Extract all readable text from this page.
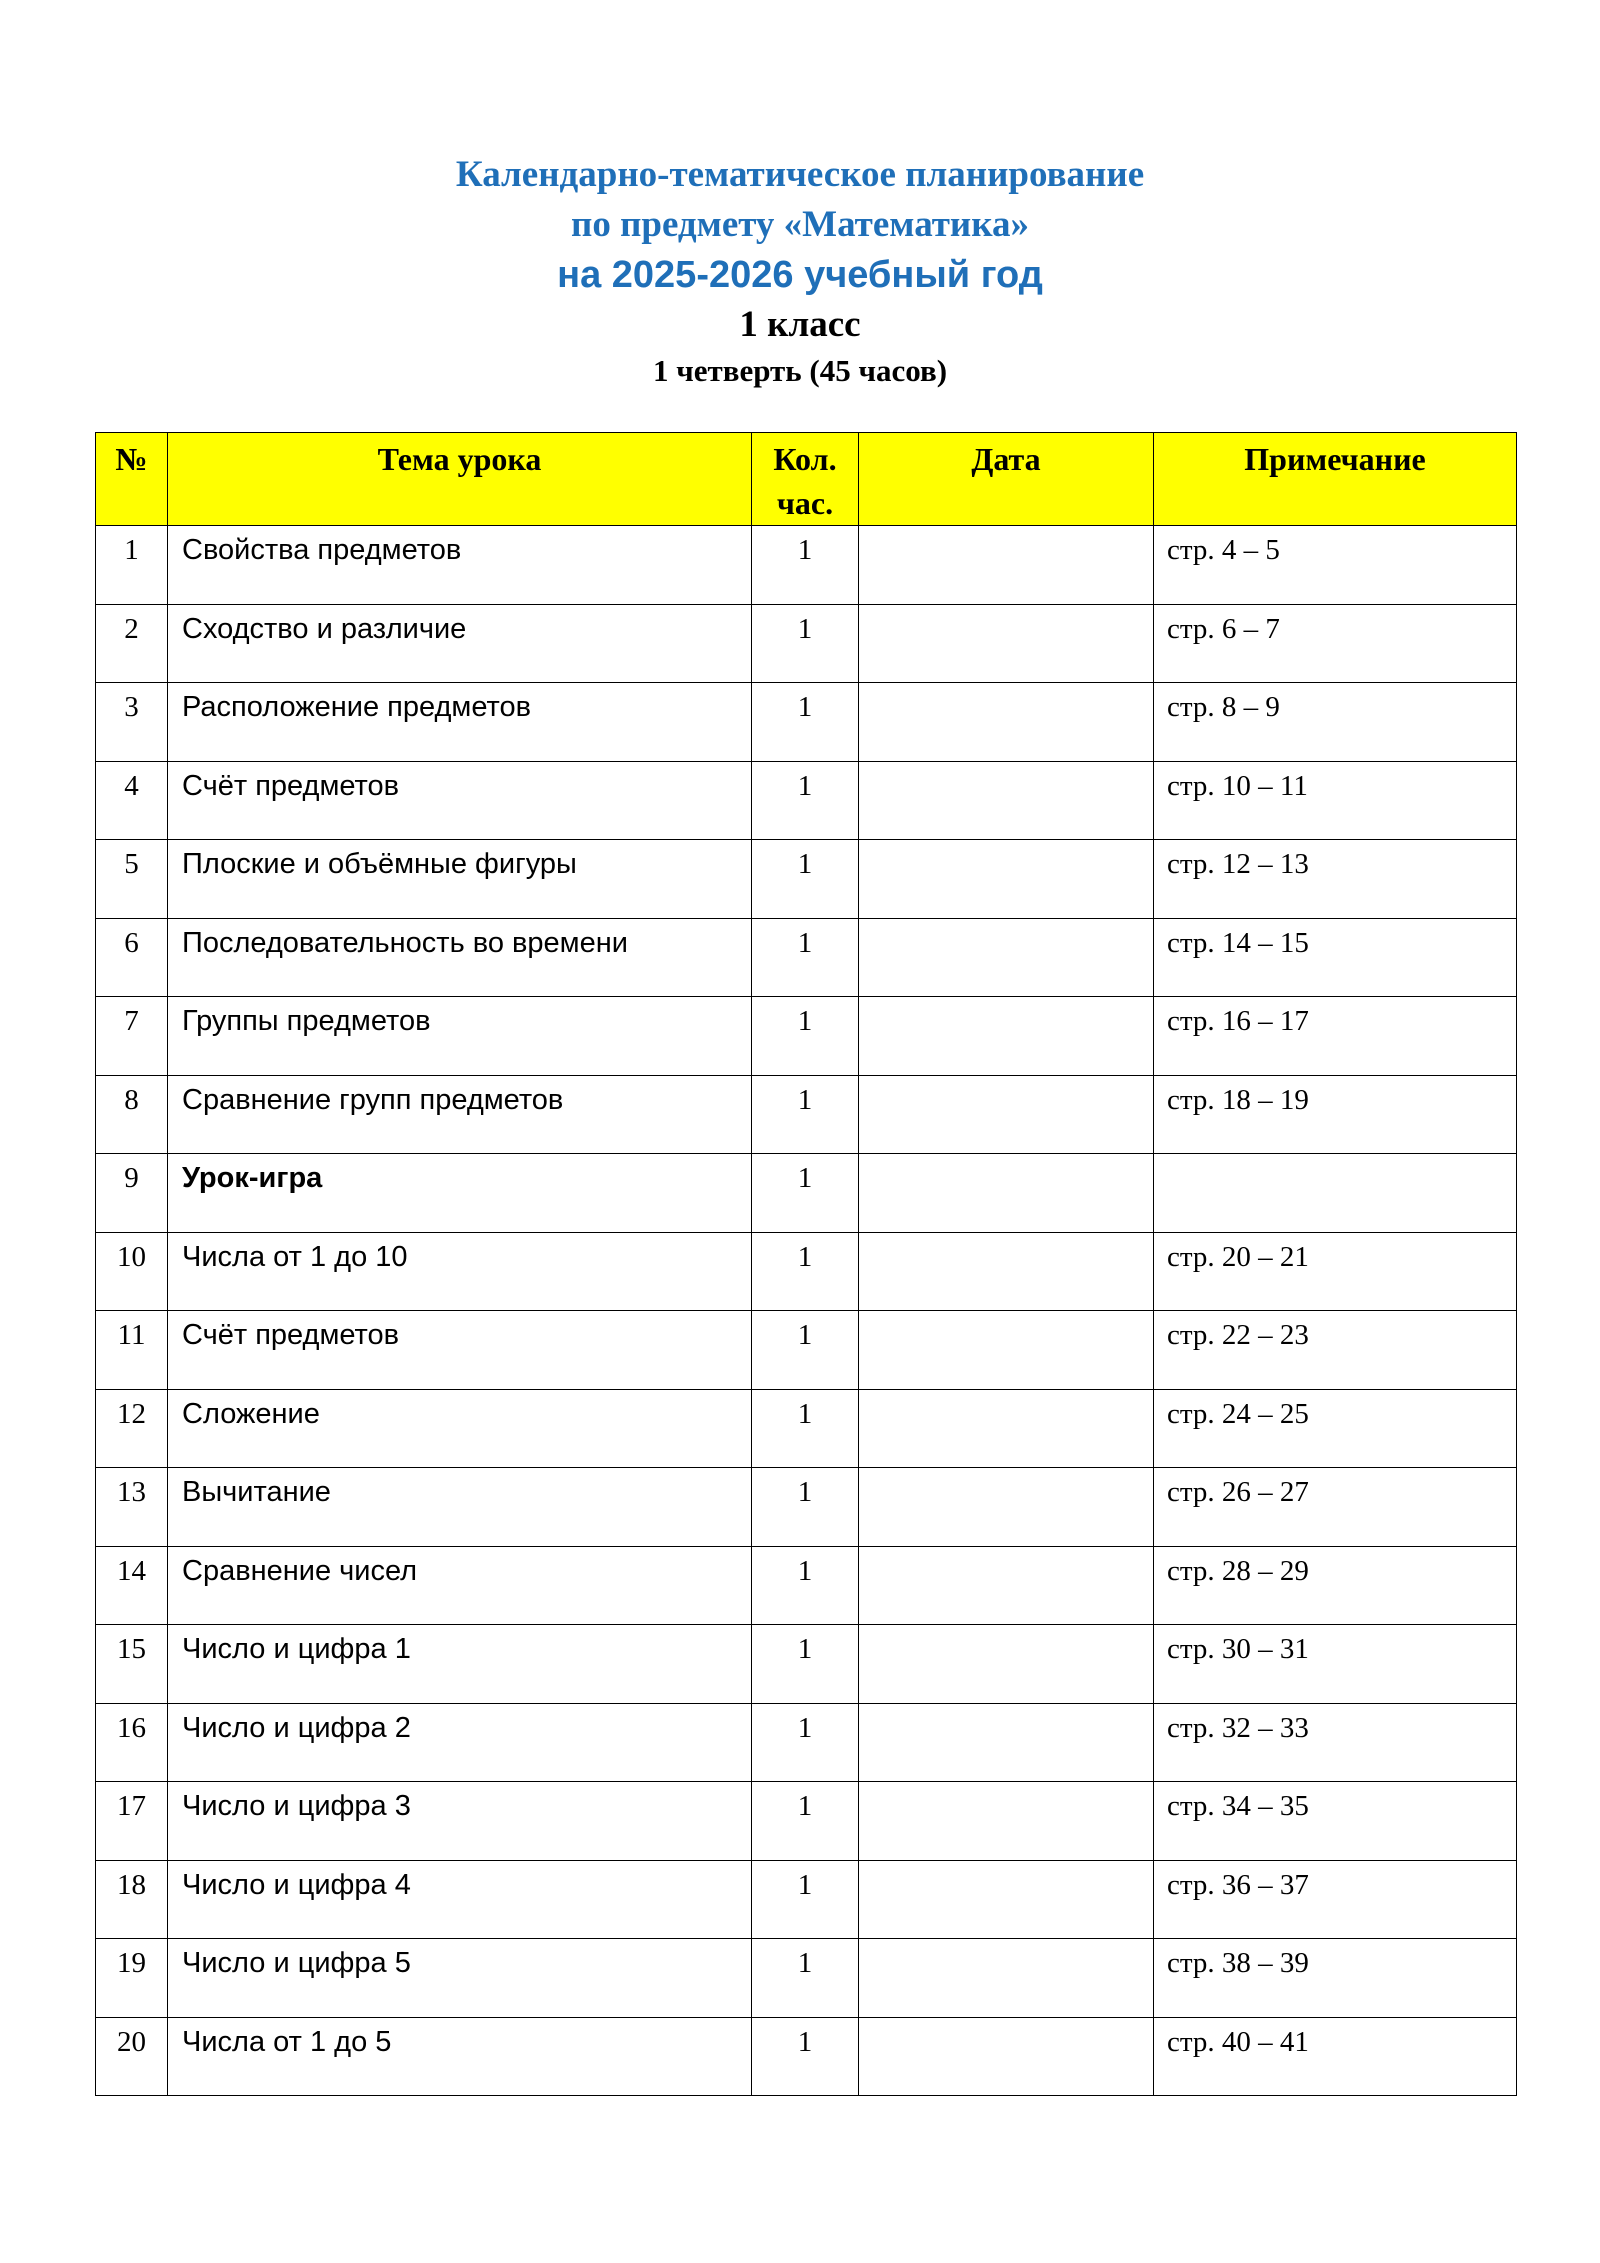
Календарно-тематическое планирование
по предмету «Математика»
на 2025-2026 учебный год
1 класс
1 четверть (45 часов)
№	Тема урока	Кол. час.	Дата	Примечание
1	Свойства предметов	1		стр. 4 – 5
2	Сходство и различие	1		стр. 6 – 7
3	Расположение предметов	1		стр. 8 – 9
4	Счёт предметов	1		стр. 10 – 11
5	Плоские и объёмные фигуры	1		стр. 12 – 13
6	Последовательность во времени	1		стр. 14 – 15
7	Группы предметов	1		стр. 16 – 17
8	Сравнение групп предметов	1		стр. 18 – 19
9	Урок-игра	1		
10	Числа от 1 до 10	1		стр. 20 – 21
11	Счёт предметов	1		стр. 22 – 23
12	Сложение	1		стр. 24 – 25
13	Вычитание	1		стр. 26 – 27
14	Сравнение чисел	1		стр. 28 – 29
15	Число и цифра 1	1		стр. 30 – 31
16	Число и цифра 2	1		стр. 32 – 33
17	Число и цифра 3	1		стр. 34 – 35
18	Число и цифра 4	1		стр. 36 – 37
19	Число и цифра 5	1		стр. 38 – 39
20	Числа от 1 до 5	1		стр. 40 – 41
